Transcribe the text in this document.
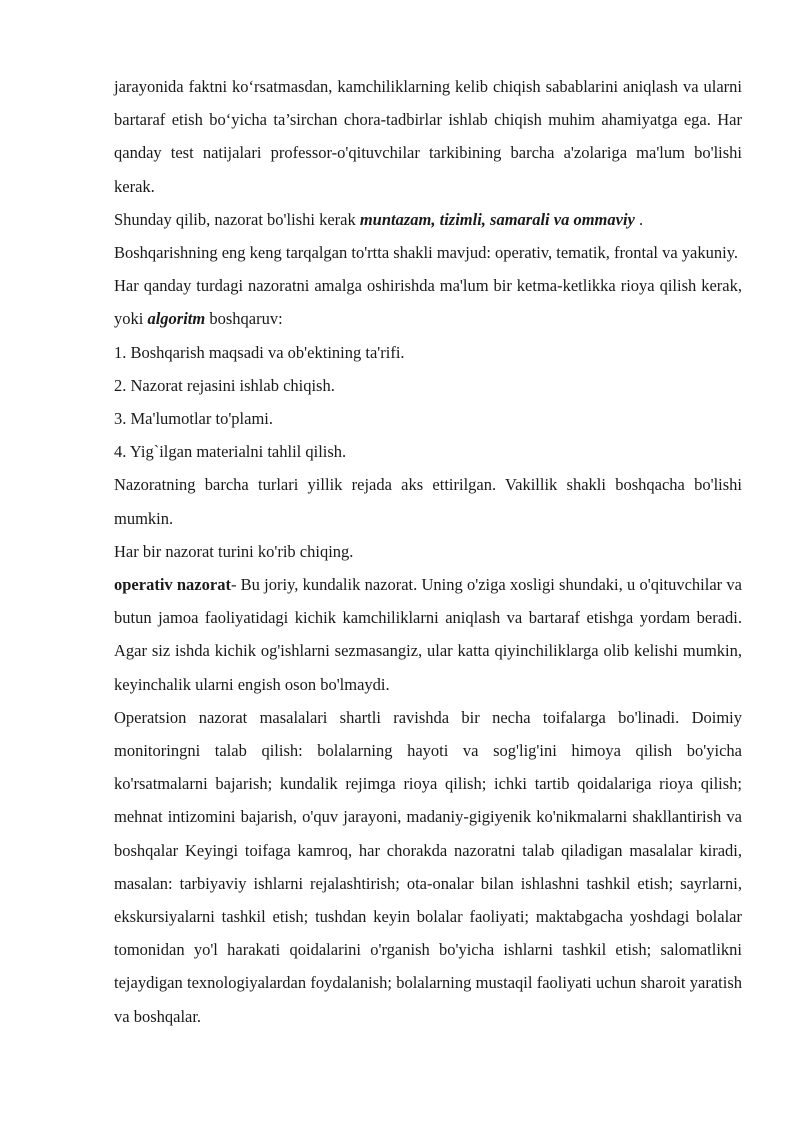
jarayonida faktni ko‘rsatmasdan, kamchiliklarning kelib chiqish sabablarini aniqlash va ularni bartaraf etish bo‘yicha ta’sirchan chora-tadbirlar ishlab chiqish muhim ahamiyatga ega. Har qanday test natijalari professor-o'qituvchilar tarkibining barcha a'zolariga ma'lum bo'lishi kerak.

Shunday qilib, nazorat bo'lishi kerak muntazam, tizimli, samarali va ommaviy .

Boshqarishning eng keng tarqalgan to'rtta shakli mavjud: operativ, tematik, frontal va yakuniy.

Har qanday turdagi nazoratni amalga oshirishda ma'lum bir ketma-ketlikka rioya qilish kerak, yoki algoritm boshqaruv:

1. Boshqarish maqsadi va ob'ektining ta'rifi.

2. Nazorat rejasini ishlab chiqish.

3. Ma'lumotlar to'plami.

4. Yig`ilgan materialni tahlil qilish.

Nazoratning barcha turlari yillik rejada aks ettirilgan. Vakillik shakli boshqacha bo'lishi mumkin.

Har bir nazorat turini ko'rib chiqing.

operativ nazorat- Bu joriy, kundalik nazorat. Uning o'ziga xosligi shundaki, u o'qituvchilar va butun jamoa faoliyatidagi kichik kamchiliklarni aniqlash va bartaraf etishga yordam beradi. Agar siz ishda kichik og'ishlarni sezmasangiz, ular katta qiyinchiliklarga olib kelishi mumkin, keyinchalik ularni engish oson bo'lmaydi.

Operatsion nazorat masalalari shartli ravishda bir necha toifalarga bo'linadi. Doimiy monitoringni talab qilish: bolalarning hayoti va sog'lig'ini himoya qilish bo'yicha ko'rsatmalarni bajarish; kundalik rejimga rioya qilish; ichki tartib qoidalariga rioya qilish; mehnat intizomini bajarish, o'quv jarayoni, madaniy-gigiyenik ko'nikmalarni shakllantirish va boshqalar Keyingi toifaga kamroq, har chorakda nazoratni talab qiladigan masalalar kiradi, masalan: tarbiyaviy ishlarni rejalashtirish; ota-onalar bilan ishlashni tashkil etish; sayrlarni, ekskursiyalarni tashkil etish; tushdan keyin bolalar faoliyati; maktabgacha yoshdagi bolalar tomonidan yo'l harakati qoidalarini o'rganish bo'yicha ishlarni tashkil etish; salomatlikni tejaydigan texnologiyalardan foydalanish; bolalarning mustaqil faoliyati uchun sharoit yaratish va boshqalar.
